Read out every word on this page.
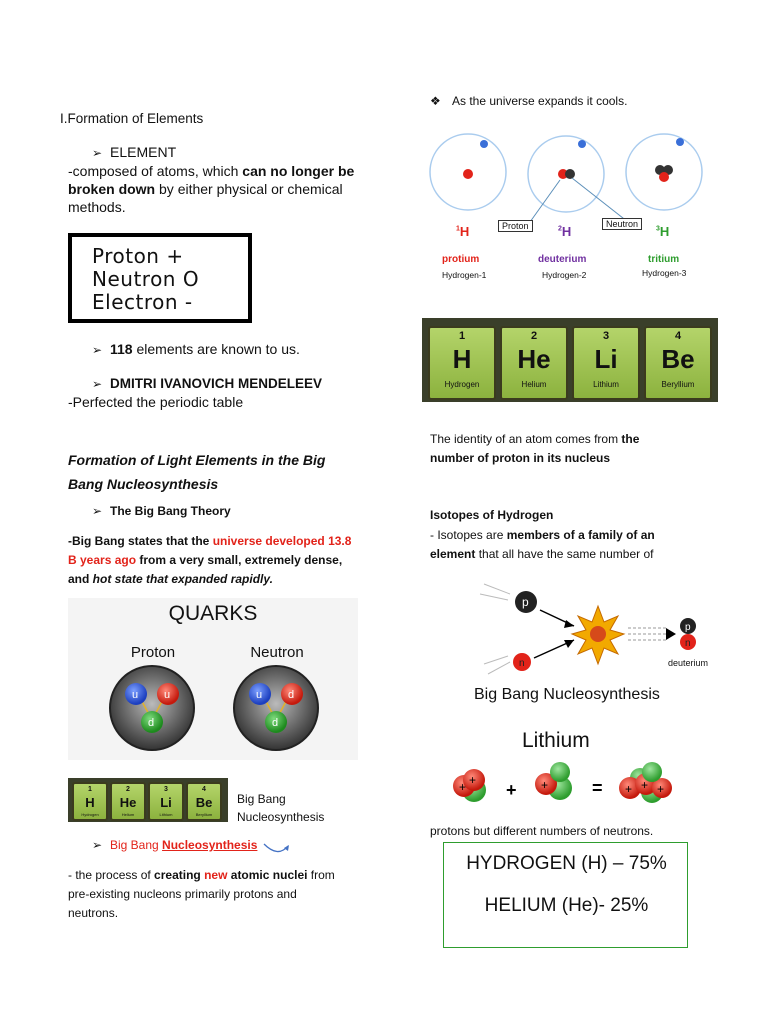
I.Formation of Elements
➢ ELEMENT
-composed of atoms, which can no longer be broken down by either physical or chemical methods.
Proton +
Neutron O
Electron -
➢ 118 elements are known to us.
➢ DMITRI IVANOVICH MENDELEEV
-Perfected the periodic table
Formation of Light Elements in the Big
Bang Nucleosynthesis
➢ The Big Bang Theory
-Big Bang states that the universe developed 13.8
B years ago from a very small, extremely dense,
and hot state that expanded rapidly.
QUARKS
Proton	Neutron
u u
d
u d
d
1
H
Hydrogen
2
He
Helium
3
Li
Lithium
4
Be
Beryllium
Big Bang
Nucleosynthesis
➢ Big Bang Nucleosynthesis
- the process of creating new atomic nuclei from
pre-existing nucleons primarily protons and
neutrons.
❖ As the universe expands it cools.
$^1$H	$^2$H	$^3$H
Proton	Neutron
protium	deuterium	tritium
Hydrogen-1	Hydrogen-2	Hydrogen-3
1
H
Hydrogen
2
He
Helium
3
Li
Lithium
4
Be
Beryllium
The identity of an atom comes from the
number of proton in its nucleus
Isotopes of Hydrogen
- Isotopes are members of a family of an
element that all have the same number of
p
n
p
n
deuterium
Big Bang Nucleosynthesis
Lithium
+ + + + = + + +
protons but different numbers of neutrons.
HYDROGEN (H) – 75%
HELIUM (He)- 25%
